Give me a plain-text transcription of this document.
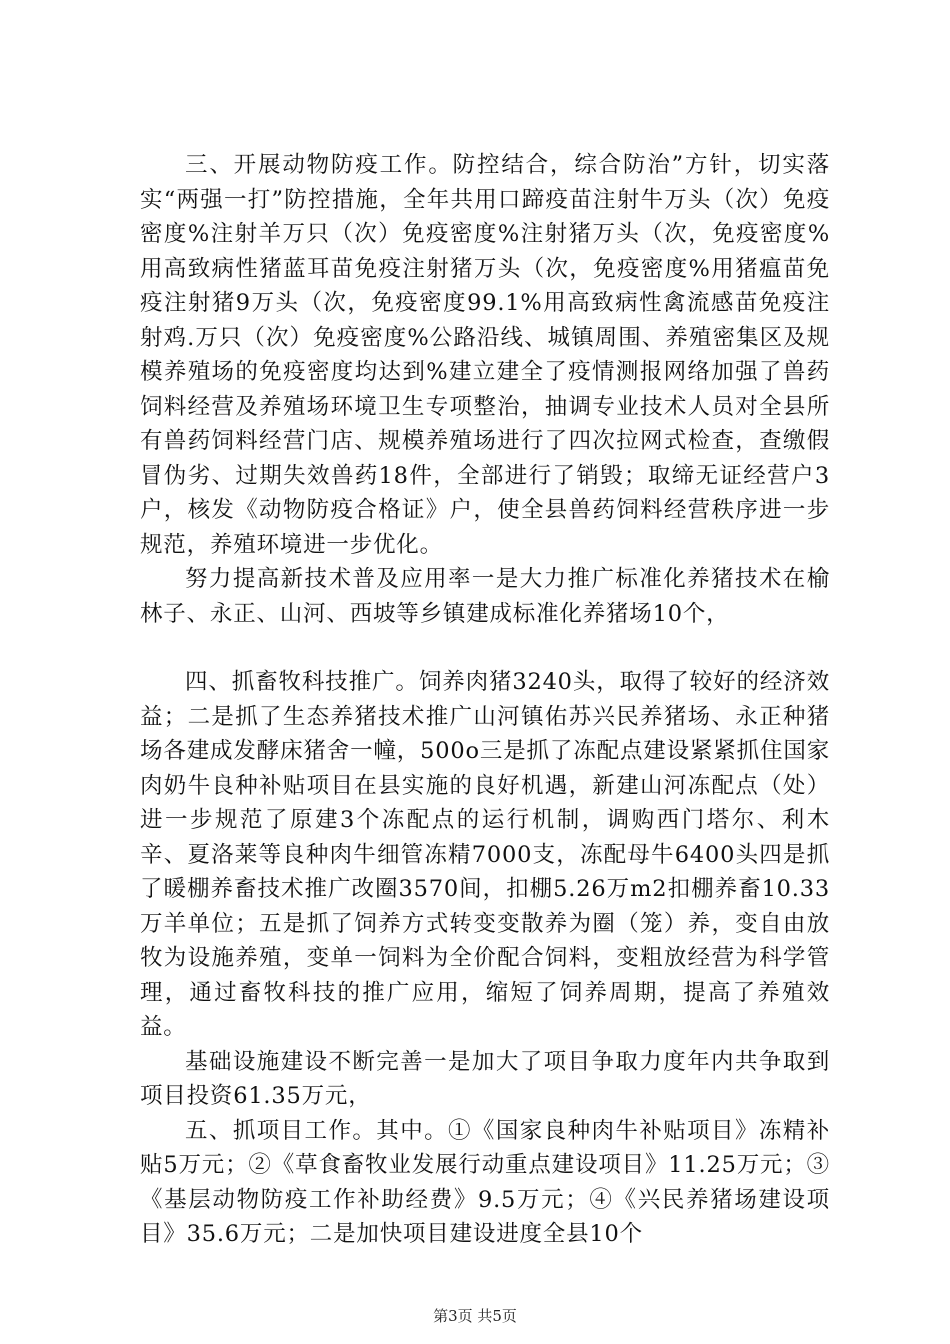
三、开展动物防疫工作。防控结合，综合防治”方针，切实落实“两强一打”防控措施，全年共用口蹄疫苗注射牛万头（次）免疫密度%注射羊万只（次）免疫密度%注射猪万头（次，免疫密度%用高致病性猪蓝耳苗免疫注射猪万头（次，免疫密度%用猪瘟苗免疫注射猪9万头（次，免疫密度99.1%用高致病性禽流感苗免疫注射鸡.万只（次）免疫密度%公路沿线、城镇周围、养殖密集区及规模养殖场的免疫密度均达到%建立建全了疫情测报网络加强了兽药饲料经营及养殖场环境卫生专项整治，抽调专业技术人员对全县所有兽药饲料经营门店、规模养殖场进行了四次拉网式检查，查缴假冒伪劣、过期失效兽药18件，全部进行了销毁；取缔无证经营户3户，核发《动物防疫合格证》户，使全县兽药饲料经营秩序进一步规范，养殖环境进一步优化。

努力提高新技术普及应用率一是大力推广标准化养猪技术在榆林子、永正、山河、西坡等乡镇建成标准化养猪场10个，

四、抓畜牧科技推广。饲养肉猪3240头，取得了较好的经济效益；二是抓了生态养猪技术推广山河镇佑苏兴民养猪场、永正种猪场各建成发酵床猪舍一幢，500o三是抓了冻配点建设紧紧抓住国家肉奶牛良种补贴项目在县实施的良好机遇，新建山河冻配点（处）进一步规范了原建3个冻配点的运行机制，调购西门塔尔、利木辛、夏洛莱等良种肉牛细管冻精7000支，冻配母牛6400头四是抓了暖棚养畜技术推广改圈3570间，扣棚5.26万m2扣棚养畜10.33万羊单位；五是抓了饲养方式转变变散养为圈（笼）养，变自由放牧为设施养殖，变单一饲料为全价配合饲料，变粗放经营为科学管理，通过畜牧科技的推广应用，缩短了饲养周期，提高了养殖效益。

基础设施建设不断完善一是加大了项目争取力度年内共争取到项目投资61.35万元，

五、抓项目工作。其中。①《国家良种肉牛补贴项目》冻精补贴5万元；②《草食畜牧业发展行动重点建设项目》11.25万元；③《基层动物防疫工作补助经费》9.5万元；④《兴民养猪场建设项目》35.6万元；二是加快项目建设进度全县10个

第3页 共5页
